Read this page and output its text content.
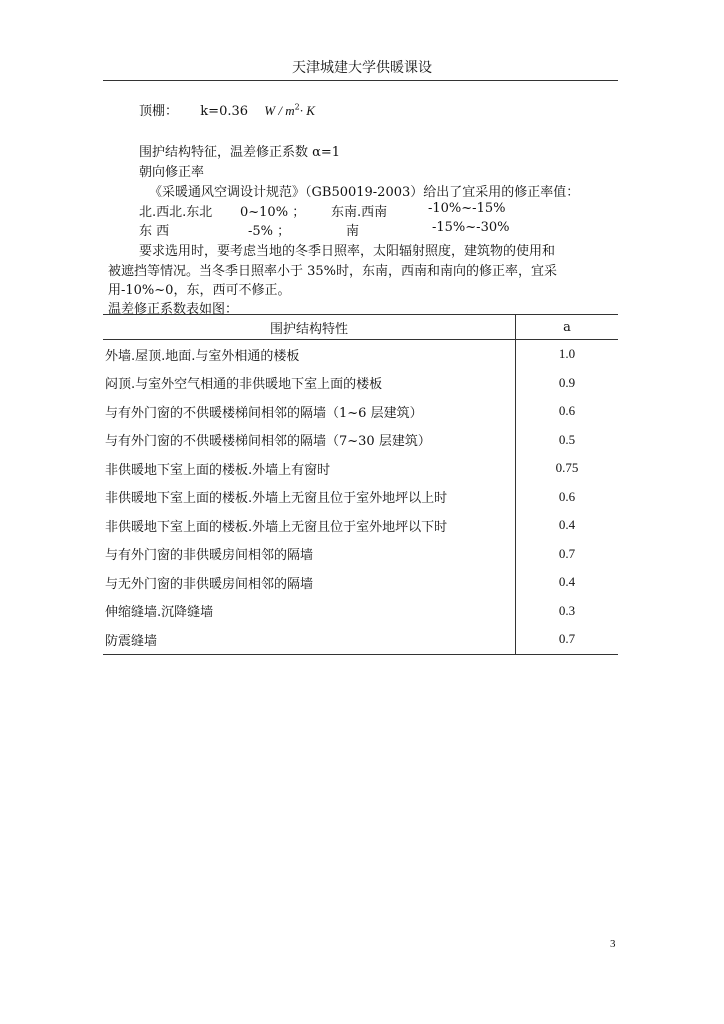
天津城建大学供暖课设
顶棚： k=0.36 $W / m^2\cdot K$
围护结构特征，温差修正系数 α=1
朝向修正率
《采暖通风空调设计规范》（GB50019-2003）给出了宜采用的修正率值：
北.西北.东北 0~10% ； 东南.西南	-10%~-15%
东 西	-5% ；	南	-15%~-30%
要求选用时，要考虑当地的冬季日照率，太阳辐射照度，建筑物的使用和
被遮挡等情况。当冬季日照率小于 35%时，东南，西南和南向的修正率，宜采
用-10%~0，东，西可不修正。
温差修正系数表如图：
围护结构特性	a
外墙.屋顶.地面.与室外相通的楼板	1.0
闷顶.与室外空气相通的非供暖地下室上面的楼板	0.9
与有外门窗的不供暖楼梯间相邻的隔墙（1~6 层建筑）	0.6
与有外门窗的不供暖楼梯间相邻的隔墙（7~30 层建筑）	0.5
非供暖地下室上面的楼板.外墙上有窗时	0.75
非供暖地下室上面的楼板.外墙上无窗且位于室外地坪以上时	0.6
非供暖地下室上面的楼板.外墙上无窗且位于室外地坪以下时	0.4
与有外门窗的非供暖房间相邻的隔墙	0.7
与无外门窗的非供暖房间相邻的隔墙	0.4
伸缩缝墙.沉降缝墙	0.3
防震缝墙	0.7
3
